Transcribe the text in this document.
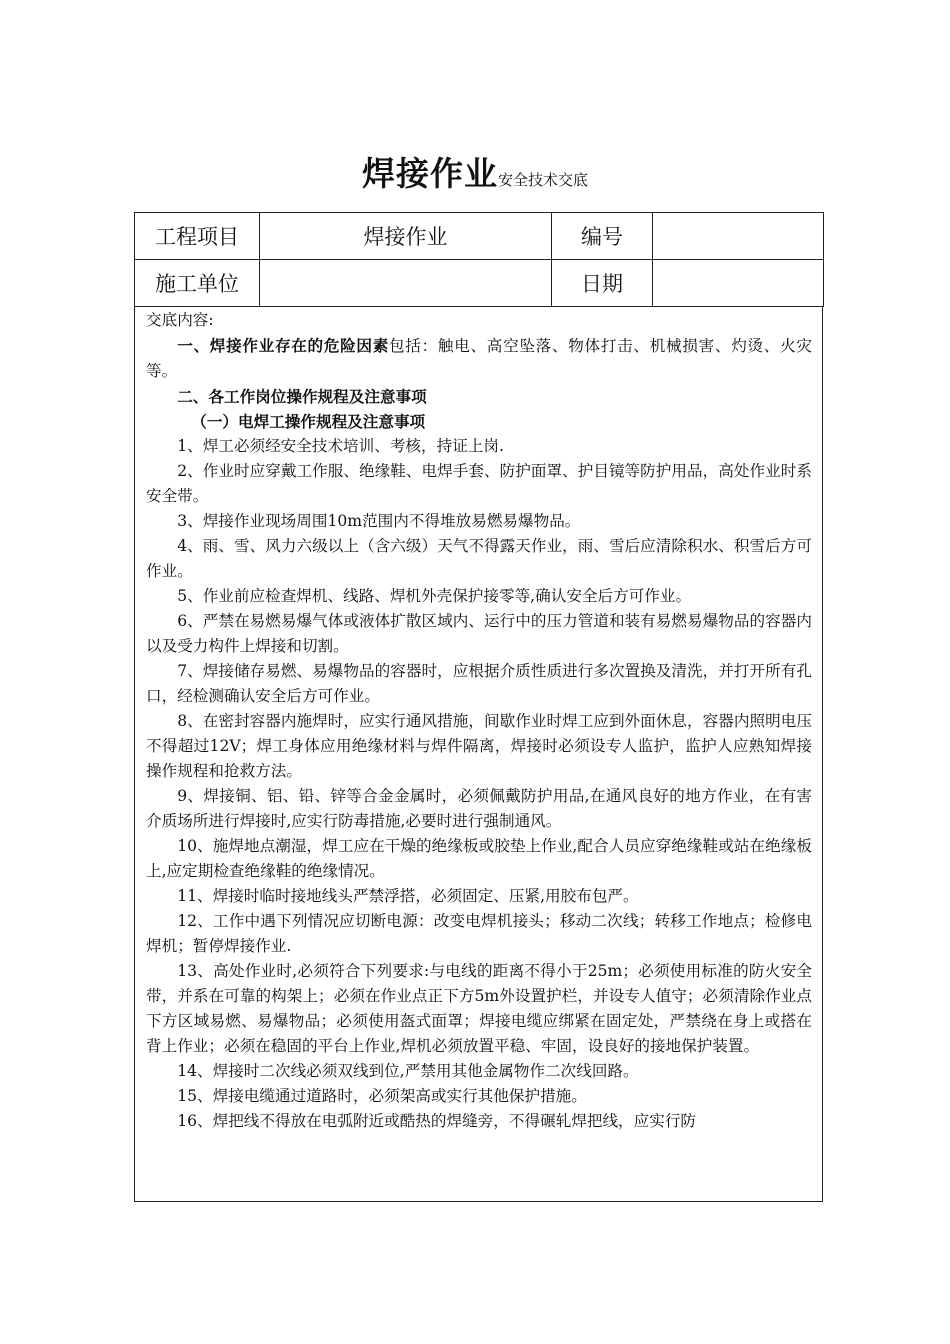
焊接作业安全技术交底
工程项目	焊接作业	编号	
施工单位		日期	

交底内容:

一、焊接作业存在的危险因素包括：触电、高空坠落、物体打击、机械损害、灼烫、火灾等。

二、各工作岗位操作规程及注意事项

（一）电焊工操作规程及注意事项

1、焊工必须经安全技术培训、考核，持证上岗.

2、作业时应穿戴工作服、绝缘鞋、电焊手套、防护面罩、护目镜等防护用品，高处作业时系安全带。

3、焊接作业现场周围10m范围内不得堆放易燃易爆物品。

4、雨、雪、风力六级以上（含六级）天气不得露天作业，雨、雪后应清除积水、积雪后方可作业。

5、作业前应检查焊机、线路、焊机外壳保护接零等,确认安全后方可作业。

6、严禁在易燃易爆气体或液体扩散区域内、运行中的压力管道和装有易燃易爆物品的容器内以及受力构件上焊接和切割。

7、焊接储存易燃、易爆物品的容器时，应根据介质性质进行多次置换及清洗，并打开所有孔口，经检测确认安全后方可作业。

8、在密封容器内施焊时，应实行通风措施，间歇作业时焊工应到外面休息，容器内照明电压不得超过12V；焊工身体应用绝缘材料与焊件隔离，焊接时必须设专人监护，监护人应熟知焊接操作规程和抢救方法。

9、焊接铜、铝、铅、锌等合金金属时，必须佩戴防护用品,在通风良好的地方作业，在有害介质场所进行焊接时,应实行防毒措施,必要时进行强制通风。

10、施焊地点潮湿，焊工应在干燥的绝缘板或胶垫上作业,配合人员应穿绝缘鞋或站在绝缘板上,应定期检查绝缘鞋的绝缘情况。

11、焊接时临时接地线头严禁浮搭，必须固定、压紧,用胶布包严。

12、工作中遇下列情况应切断电源：改变电焊机接头；移动二次线；转移工作地点；检修电焊机；暂停焊接作业.

13、高处作业时,必须符合下列要求:与电线的距离不得小于25m；必须使用标准的防火安全带，并系在可靠的构架上；必须在作业点正下方5m外设置护栏，并设专人值守；必须清除作业点下方区域易燃、易爆物品；必须使用盔式面罩；焊接电缆应绑紧在固定处，严禁绕在身上或搭在背上作业；必须在稳固的平台上作业,焊机必须放置平稳、牢固，设良好的接地保护装置。

14、焊接时二次线必须双线到位,严禁用其他金属物作二次线回路。

15、焊接电缆通过道路时，必须架高或实行其他保护措施。

16、焊把线不得放在电弧附近或酷热的焊缝旁，不得碾轧焊把线，应实行防
